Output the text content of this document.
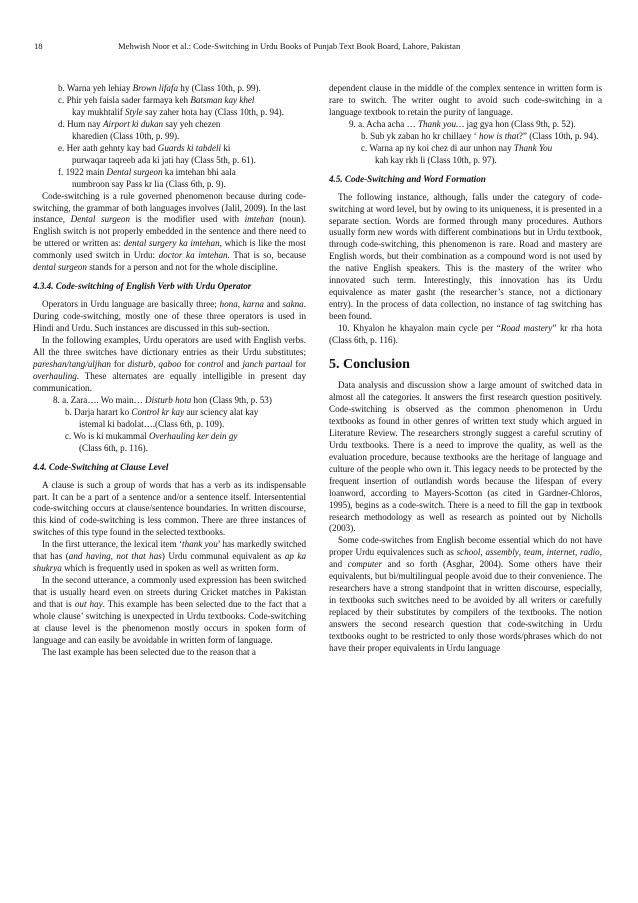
18	Mehwish Noor et al.: Code-Switching in Urdu Books of Punjab Text Book Board, Lahore, Pakistan
b. Warna yeh lehiay Brown lifafa hy (Class 10th, p. 99).
c. Phir yeh faisla sader farmaya keh Batsman kay khel

kay mukhtalif Style say zaher hota hay (Class 10th, p. 94).
d. Hum nay Airport ki dukan say yeh chezen

kharedien (Class 10th, p. 99).
e. Her aath gehnty kay bad Guards ki tabdeli ki

purwaqar taqreeb ada ki jati hay (Class 5th, p. 61).
f. 1922 main Dental surgeon ka imtehan bhi aala

numbroon say Pass kr lia (Class 6th, p. 9).

Code-switching is a rule governed phenomenon because during code-switching, the grammar of both languages involves (Jalil, 2009). In the last instance, Dental surgeon is the modifier used with imtehan (noun). English switch is not properly embedded in the sentence and there need to be uttered or written as: dental surgery ka imtehan, which is like the most commonly used switch in Urdu: doctor ka imtehan. That is so, because dental surgeon stands for a person and not for the whole discipline.

4.3.4. Code-switching of English Verb with Urdu Operator

Operators in Urdu language are basically three; hona, karna and sakna. During code-switching, mostly one of these three operators is used in Hindi and Urdu. Such instances are discussed in this sub-section.

In the following examples, Urdu operators are used with English verbs. All the three switches have dictionary entries as their Urdu substitutes; pareshan/tang/uljhan for disturb, qaboo for control and janch partaal for overhauling. These alternates are equally intelligible in present day communication.

8. a. Zara…. Wo main… Disturb hota hon (Class 9th, p. 53)
b. Darja harart ko Control kr kay aur sciency alat kay

istemal ki badolat….(Class 6th, p. 109).
c. Wo is ki mukammal Overhauling ker dein gy

(Class 6th, p. 116).
4.4. Code-Switching at Clause Level

A clause is such a group of words that has a verb as its indispensable part. It can be a part of a sentence and/or a sentence itself. Intersentential code-switching occurs at clause/sentence boundaries. In written discourse, this kind of code-switching is less common. There are three instances of switches of this type found in the selected textbooks.

In the first utterance, the lexical item ‘thank you’ has markedly switched that has (and having, not that has) Urdu communal equivalent as ap ka shukrya which is frequently used in spoken as well as written form.

In the second utterance, a commonly used expression has been switched that is usually heard even on streets during Cricket matches in Pakistan and that is out hay. This example has been selected due to the fact that a whole clause’ switching is unexpected in Urdu textbooks. Code-switching at clause level is the phenomenon mostly occurs in spoken form of language and can easily be avoidable in written form of language.

The last example has been selected due to the reason that a

dependent clause in the middle of the complex sentence in written form is rare to switch. The writer ought to avoid such code-switching in a language textbook to retain the purity of language.

9. a. Acha acha … Thank you… jag gya hon (Class 9th, p. 52).
b. Sub yk zaban ho kr chillaey ‘ how is that?” (Class 10th, p. 94).
c. Warna ap ny koi chez di aur unhon nay Thank You

kah kay rkh li (Class 10th, p. 97).
4.5. Code-Switching and Word Formation

The following instance, although, falls under the category of code-switching at word level, but by owing to its uniqueness, it is presented in a separate section. Words are formed through many procedures. Authors usually form new words with different combinations but in Urdu textbook, through code-switching, this phenomenon is rare. Road and mastery are English words, but their combination as a compound word is not used by the native English speakers. This is the mastery of the writer who innovated such term. Interestingly, this innovation has its Urdu equivalence as mater gasht (the researcher’s stance, not a dictionary entry). In the process of data collection, no instance of tag switching has been found.

10. Khyalon he khayalon main cycle per “Road mastery” kr rha hota (Class 6th, p. 116).

5. Conclusion

Data analysis and discussion show a large amount of switched data in almost all the categories. It answers the first research question positively. Code-switching is observed as the common phenomenon in Urdu textbooks as found in other genres of written text study which argued in Literature Review. The researchers strongly suggest a careful scrutiny of Urdu textbooks. There is a need to improve the quality, as well as the evaluation procedure, because textbooks are the heritage of language and culture of the people who own it. This legacy needs to be protected by the frequent insertion of outlandish words because the lifespan of every loanword, according to Mayers-Scotton (as cited in Gardner-Chloros, 1995), begins as a code-switch. There is a need to fill the gap in textbook research methodology as well as research as pointed out by Nicholls (2003).

Some code-switches from English become essential which do not have proper Urdu equivalences such as school, assembly, team, internet, radio, and computer and so forth (Asghar, 2004). Some others have their equivalents, but bi/multilingual people avoid due to their convenience. The researchers have a strong standpoint that in written discourse, especially, in textbooks such switches need to be avoided by all writers or carefully replaced by their substitutes by compilers of the textbooks. The notion answers the second research question that code-switching in Urdu textbooks ought to be restricted to only those words/phrases which do not have their proper equivalents in Urdu language
